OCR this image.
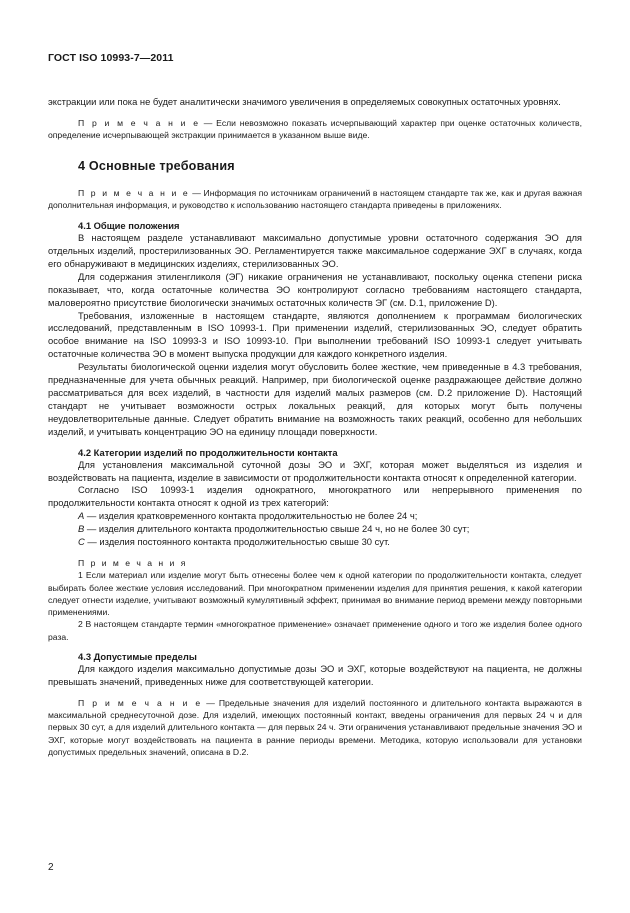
ГОСТ ISO 10993-7—2011

экстракции или пока не будет аналитически значимого увеличения в определяемых совокупных остаточных уровнях.

П р и м е ч а н и е — Если невозможно показать исчерпывающий характер при оценке остаточных количеств, определение исчерпывающей экстракции принимается в указанном выше виде.

4 Основные требования

П р и м е ч а н и е — Информация по источникам ограничений в настоящем стандарте так же, как и другая важная дополнительная информация, и руководство к использованию настоящего стандарта приведены в приложениях.

4.1 Общие положения

В настоящем разделе устанавливают максимально допустимые уровни остаточного содержания ЭО для отдельных изделий, простерилизованных ЭО. Регламентируется также максимальное содержание ЭХГ в случаях, когда его обнаруживают в медицинских изделиях, стерилизованных ЭО.

Для содержания этиленгликоля (ЭГ) никакие ограничения не устанавливают, поскольку оценка степени риска показывает, что, когда остаточные количества ЭО контролируют согласно требованиям настоящего стандарта, маловероятно присутствие биологически значимых остаточных количеств ЭГ (см. D.1, приложение D).

Требования, изложенные в настоящем стандарте, являются дополнением к программам биологических исследований, представленным в ISO 10993-1. При применении изделий, стерилизованных ЭО, следует обратить особое внимание на ISO 10993-3 и ISO 10993-10. При выполнении требований ISO 10993-1 следует учитывать остаточные количества ЭО в момент выпуска продукции для каждого конкретного изделия.

Результаты биологической оценки изделия могут обусловить более жесткие, чем приведенные в 4.3 требования, предназначенные для учета обычных реакций. Например, при биологической оценке раздражающее действие должно рассматриваться для всех изделий, в частности для изделий малых размеров (см. D.2 приложение D). Настоящий стандарт не учитывает возможности острых локальных реакций, для которых могут быть получены неудовлетворительные данные. Следует обратить внимание на возможность таких реакций, особенно для небольших изделий, и учитывать концентрацию ЭО на единицу площади поверхности.

4.2 Категории изделий по продолжительности контакта

Для установления максимальной суточной дозы ЭО и ЭХГ, которая может выделяться из изделия и воздействовать на пациента, изделие в зависимости от продолжительности контакта относят к определенной категории.

Согласно ISO 10993-1 изделия однократного, многократного или непрерывного применения по продолжительности контакта относят к одной из трех категорий:

A — изделия кратковременного контакта продолжительностью не более 24 ч;

B — изделия длительного контакта продолжительностью свыше 24 ч, но не более 30 сут;

C — изделия постоянного контакта продолжительностью свыше 30 сут.

П р и м е ч а н и я

1 Если материал или изделие могут быть отнесены более чем к одной категории по продолжительности контакта, следует выбирать более жесткие условия исследований. При многократном применении изделия для принятия решения, к какой категории следует отнести изделие, учитывают возможный кумулятивный эффект, принимая во внимание период времени между повторными применениями.

2 В настоящем стандарте термин «многократное применение» означает применение одного и того же изделия более одного раза.

4.3 Допустимые пределы

Для каждого изделия максимально допустимые дозы ЭО и ЭХГ, которые воздействуют на пациента, не должны превышать значений, приведенных ниже для соответствующей категории.

П р и м е ч а н и е — Предельные значения для изделий постоянного и длительного контакта выражаются в максимальной среднесуточной дозе. Для изделий, имеющих постоянный контакт, введены ограничения для первых 24 ч и для первых 30 сут, а для изделий длительного контакта — для первых 24 ч. Эти ограничения устанавливают предельные значения ЭО и ЭХГ, которые могут воздействовать на пациента в ранние периоды времени. Методика, которую использовали для установки допустимых предельных значений, описана в D.2.

2
